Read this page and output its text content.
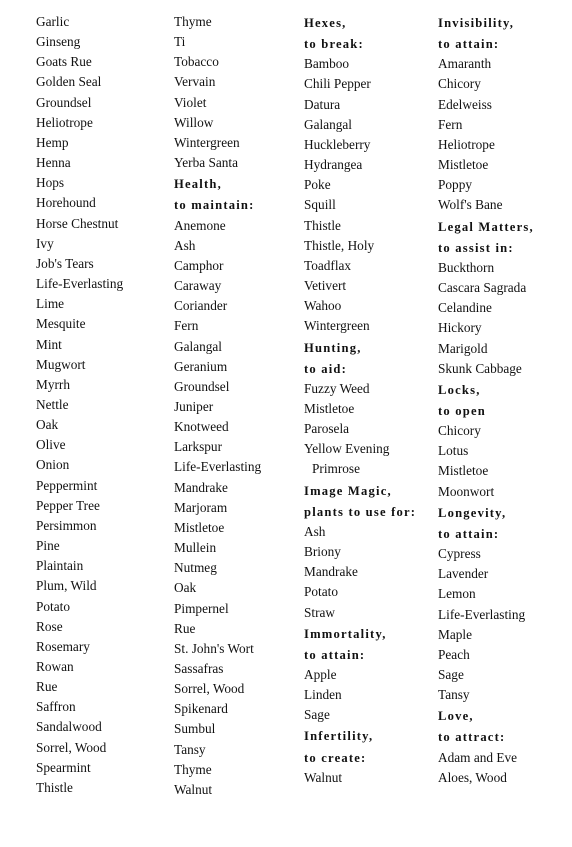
Garlic
Ginseng
Goats Rue
Golden Seal
Groundsel
Heliotrope
Hemp
Henna
Hops
Horehound
Horse Chestnut
Ivy
Job's Tears
Life-Everlasting
Lime
Mesquite
Mint
Mugwort
Myrrh
Nettle
Oak
Olive
Onion
Peppermint
Pepper Tree
Persimmon
Pine
Plaintain
Plum, Wild
Potato
Rose
Rosemary
Rowan
Rue
Saffron
Sandalwood
Sorrel, Wood
Spearmint
Thistle
Thyme
Ti
Tobacco
Vervain
Violet
Willow
Wintergreen
Yerba Santa
Health,
to maintain:
Anemone
Ash
Camphor
Caraway
Coriander
Fern
Galangal
Geranium
Groundsel
Juniper
Knotweed
Larkspur
Life-Everlasting
Mandrake
Marjoram
Mistletoe
Mullein
Nutmeg
Oak
Pimpernel
Rue
St. John's Wort
Sassafras
Sorrel, Wood
Spikenard
Sumbul
Tansy
Thyme
Walnut
Hexes,
to break:
Bamboo
Chili Pepper
Datura
Galangal
Huckleberry
Hydrangea
Poke
Squill
Thistle
Thistle, Holy
Toadflax
Vetivert
Wahoo
Wintergreen
Hunting,
to aid:
Fuzzy Weed
Mistletoe
Parosela
Yellow Evening
Primrose
Image Magic,
plants to use for:
Ash
Briony
Mandrake
Potato
Straw
Immortality,
to attain:
Apple
Linden
Sage
Infertility,
to create:
Walnut
Invisibility,
to attain:
Amaranth
Chicory
Edelweiss
Fern
Heliotrope
Mistletoe
Poppy
Wolf's Bane
Legal Matters,
to assist in:
Buckthorn
Cascara Sagrada
Celandine
Hickory
Marigold
Skunk Cabbage
Locks,
to open
Chicory
Lotus
Mistletoe
Moonwort
Longevity,
to attain:
Cypress
Lavender
Lemon
Life-Everlasting
Maple
Peach
Sage
Tansy
Love,
to attract:
Adam and Eve
Aloes, Wood
